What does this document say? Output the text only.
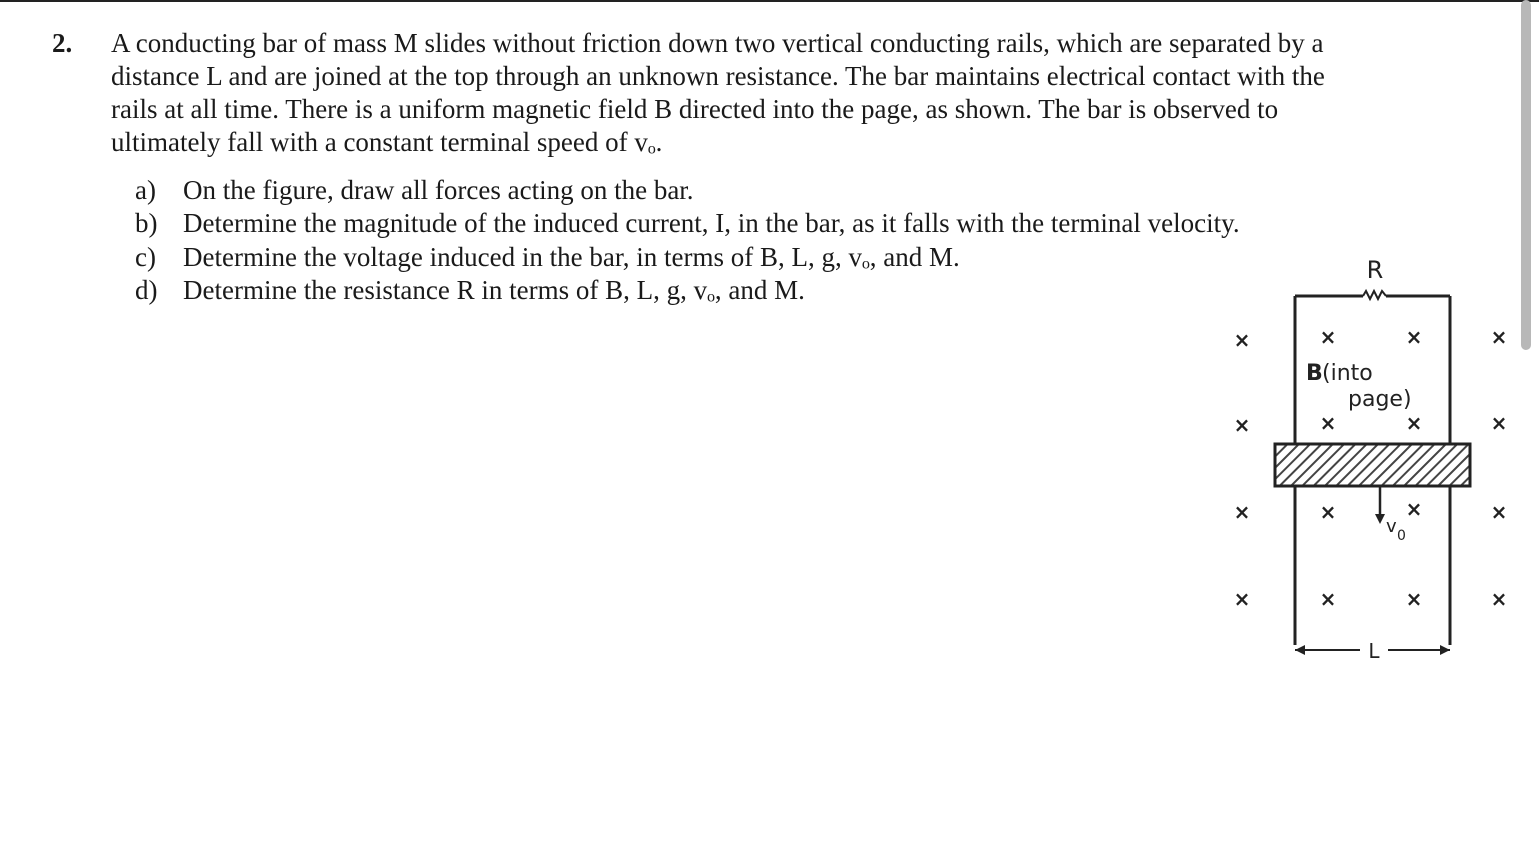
2. A conducting bar of mass M slides without friction down two vertical conducting rails, which are separated by a
distance L and are joined at the top through an unknown resistance. The bar maintains electrical contact with the
rails at all time. There is a uniform magnetic field B directed into the page, as shown. The bar is observed to
ultimately fall with a constant terminal speed of vₒ.
a) On the figure, draw all forces acting on the bar.
b) Determine the magnitude of the induced current, I, in the bar, as it falls with the terminal velocity.
c) Determine the voltage induced in the bar, in terms of B, L, g, vₒ, and M.
d) Determine the resistance R in terms of B, L, g, vₒ, and M.
R
B (into
page)
v 0
L
×	×	×	×
×	×	×	×
×	×	×	×
×	×	×	×
